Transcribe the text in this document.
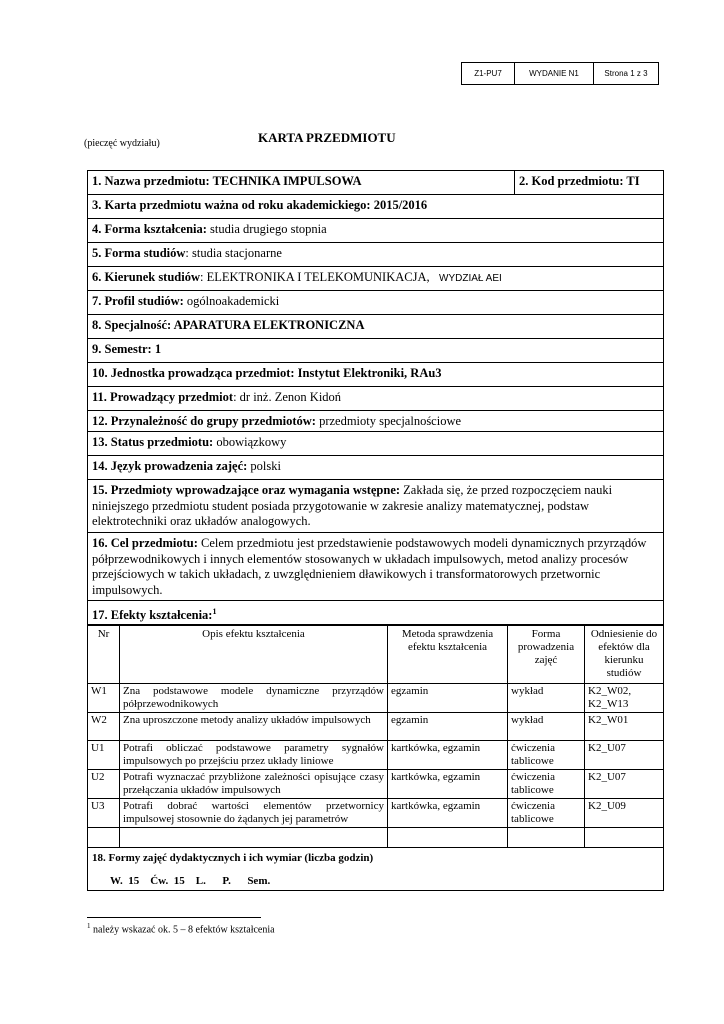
Z1-PU7	WYDANIE N1	Strona 1 z 3
(pieczęć wydziału)	KARTA PRZEDMIOTU
1. Nazwa przedmiotu: TECHNIKA IMPULSOWA	2. Kod przedmiotu: TI
3. Karta przedmiotu ważna od roku akademickiego: 2015/2016
4. Forma kształcenia: studia drugiego stopnia
5. Forma studiów: studia stacjonarne
6. Kierunek studiów: ELEKTRONIKA I TELEKOMUNIKACJA, WYDZIAŁ AEI
7. Profil studiów: ogólnoakademicki
8. Specjalność: APARATURA ELEKTRONICZNA
9. Semestr: 1
10. Jednostka prowadząca przedmiot: Instytut Elektroniki, RAu3
11. Prowadzący przedmiot: dr inż. Zenon Kidoń
12. Przynależność do grupy przedmiotów: przedmioty specjalnościowe
13. Status przedmiotu: obowiązkowy
14. Język prowadzenia zajęć: polski
15. Przedmioty wprowadzające oraz wymagania wstępne: Zakłada się, że przed rozpoczęciem nauki niniejszego przedmiotu student posiada przygotowanie w zakresie analizy matematycznej, podstaw elektrotechniki oraz układów analogowych.
16. Cel przedmiotu: Celem przedmiotu jest przedstawienie podstawowych modeli dynamicznych przyrządów półprzewodnikowych i innych elementów stosowanych w układach impulsowych, metod analizy procesów przejściowych w takich układach, z uwzględnieniem dławikowych i transformatorowych przetwornic impulsowych.
17. Efekty kształcenia:$^1$
Nr	Opis efektu kształcenia	Metoda sprawdzenia efektu kształcenia	Forma prowadzenia zajęć	Odniesienie do efektów dla kierunku studiów
W1	Zna podstawowe modele dynamiczne przyrządów półprzewodnikowych	egzamin	wykład	K2_W02, K2_W13
W2	Zna uproszczone metody analizy układów impulsowych	egzamin	wykład	K2_W01
U1	Potrafi obliczać podstawowe parametry sygnałów impulsowych po przejściu przez układy liniowe	kartkówka, egzamin	ćwiczenia tablicowe	K2_U07
U2	Potrafi wyznaczać przybliżone zależności opisujące czasy przełączania układów impulsowych	kartkówka, egzamin	ćwiczenia tablicowe	K2_U07
U3	Potrafi dobrać wartości elementów przetwornicy impulsowej stosownie do żądanych jej parametrów	kartkówka, egzamin	ćwiczenia tablicowe	K2_U09

18. Formy zajęć dydaktycznych i ich wymiar (liczba godzin)
W.  15    Ćw.  15    L.      P.      Sem.
$^1$ należy wskazać ok. 5 – 8 efektów kształcenia
